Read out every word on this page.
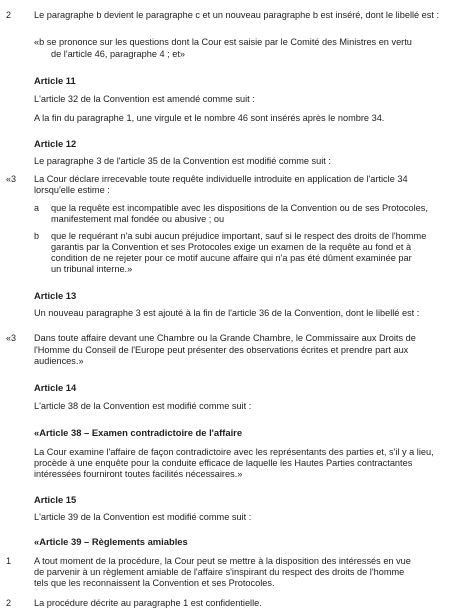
2 Le paragraphe b devient le paragraphe c et un nouveau paragraphe b est inséré, dont le libellé est :
«b se prononce sur les questions dont la Cour est saisie par le Comité des Ministres en vertu
de l'article 46, paragraphe 4 ; et»
Article 11
L'article 32 de la Convention est amendé comme suit :
A la fin du paragraphe 1, une virgule et le nombre 46 sont insérés après le nombre 34.
Article 12
Le paragraphe 3 de l'article 35 de la Convention est modifié comme suit :
«3 La Cour déclare irrecevable toute requête individuelle introduite en application de l'article 34
lorsqu'elle estime :
a que la requête est incompatible avec les dispositions de la Convention ou de ses Protocoles,
manifestement mal fondée ou abusive ; ou
b que le requérant n'a subi aucun préjudice important, sauf si le respect des droits de l'homme
garantis par la Convention et ses Protocoles exige un examen de la requête au fond et à
condition de ne rejeter pour ce motif aucune affaire qui n'a pas été dûment examinée par
un tribunal interne.»
Article 13
Un nouveau paragraphe 3 est ajouté à la fin de l'article 36 de la Convention, dont le libellé est :
«3 Dans toute affaire devant une Chambre ou la Grande Chambre, le Commissaire aux Droits de
l'Homme du Conseil de l'Europe peut présenter des observations écrites et prendre part aux
audiences.»
Article 14
L'article 38 de la Convention est modifié comme suit :
«Article 38 – Examen contradictoire de l'affaire
La Cour examine l'affaire de façon contradictoire avec les représentants des parties et, s'il y a lieu,
procède à une enquête pour la conduite efficace de laquelle les Hautes Parties contractantes
intéressées fourniront toutes facilités nécessaires.»
Article 15
L'article 39 de la Convention est modifié comme suit :
«Article 39 – Règlements amiables
1 A tout moment de la procédure, la Cour peut se mettre à la disposition des intéressés en vue
de parvenir à un règlement amiable de l'affaire s'inspirant du respect des droits de l'homme
tels que les reconnaissent la Convention et ses Protocoles.
2 La procédure décrite au paragraphe 1 est confidentielle.
